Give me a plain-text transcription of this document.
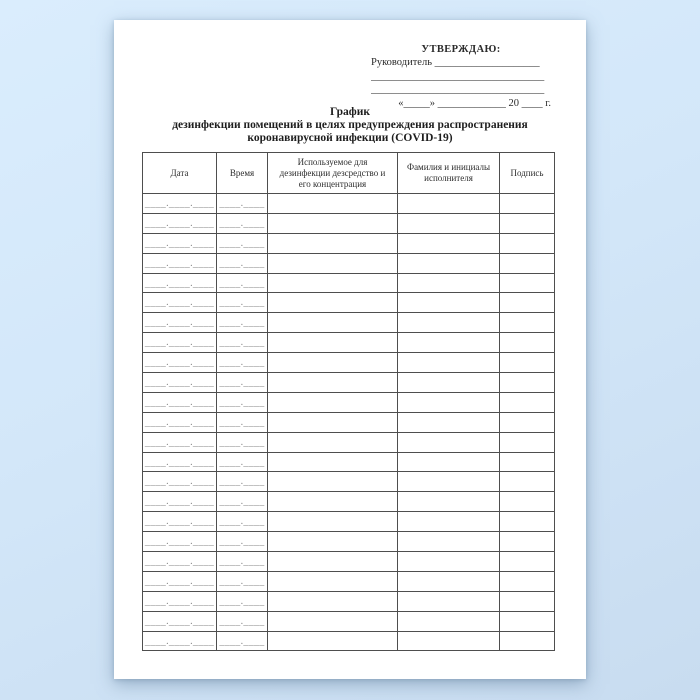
УТВЕРЖДАЮ:
Руководитель ____________________
_________________________________
_________________________________
«_____» _____________ 20 ____ г.
График
дезинфекции помещений в целях предупреждения распространения
коронавирусной инфекции (COVID-19)
Дата	Время	Используемое для дезинфекции дезсредство и его концентрация	Фамилия и инициалы исполнителя	Подпись
____.____.____	____.____			
____.____.____	____.____			
____.____.____	____.____			
____.____.____	____.____			
____.____.____	____.____			
____.____.____	____.____			
____.____.____	____.____			
____.____.____	____.____			
____.____.____	____.____			
____.____.____	____.____			
____.____.____	____.____			
____.____.____	____.____			
____.____.____	____.____			
____.____.____	____.____			
____.____.____	____.____			
____.____.____	____.____			
____.____.____	____.____			
____.____.____	____.____			
____.____.____	____.____			
____.____.____	____.____			
____.____.____	____.____			
____.____.____	____.____			
____.____.____	____.____			
